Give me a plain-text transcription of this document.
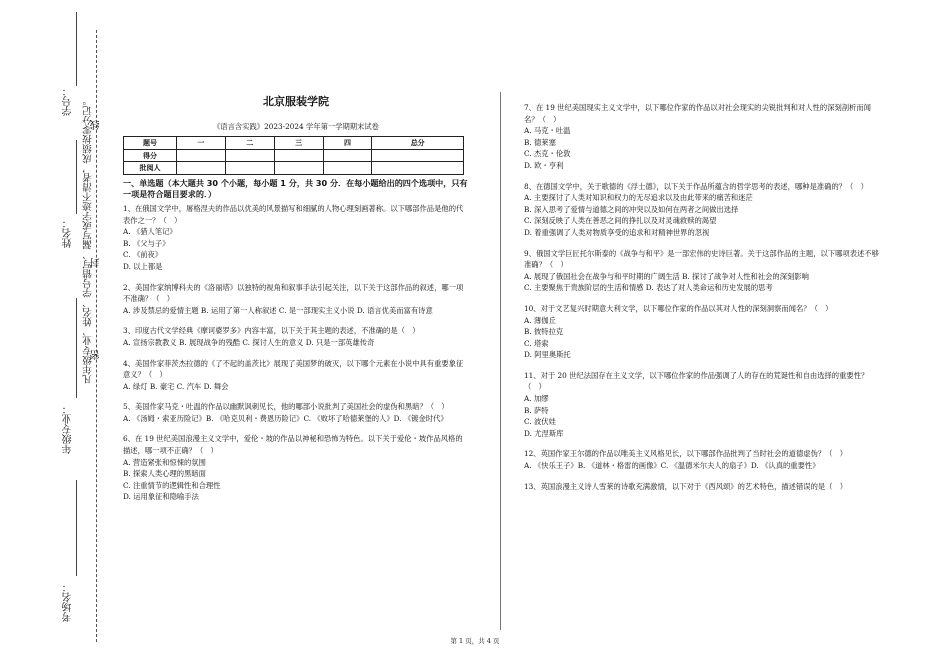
学号：
姓名：
年级专业：
考场名：
凡年级专业、姓名、学号错写、漏写或字迹不清者，成绩按零分记。
线
封
密
北京服装学院
《语言含实践》2023-2024 学年第一学期期末试卷
题号	一	二	三	四	总分
得分					
批阅人					
一、单选题（本大题共 30 个小题，每小题 1 分，共 30 分．在每小题给出的四个选项中，只有一项是符合题目要求的．）
1、在俄国文学中，屠格涅夫的作品以优美的风景描写和细腻的人物心理刻画著称。以下哪部作品是他的代表作之一？（　）
A. 《猎人笔记》
B. 《父与子》
C. 《前夜》
D. 以上都是
2、美国作家纳博科夫的《洛丽塔》以独特的视角和叙事手法引起关注，以下关于这部作品的叙述，哪一项不准确？（　）
A. 涉及禁忌的爱情主题 B. 运用了第一人称叙述 C. 是一部现实主义小说 D. 语言优美而富有诗意
3、印度古代文学经典《摩诃婆罗多》内容丰富，以下关于其主题的表述，不准确的是（　）
A. 宣扬宗教教义 B. 展现战争的残酷 C. 探讨人生的意义 D. 只是一部英雄传奇
4、美国作家菲茨杰拉德的《了不起的盖茨比》展现了美国梦的破灭，以下哪个元素在小说中具有重要象征意义？（　）
A. 绿灯 B. 豪宅 C. 汽车 D. 舞会
5、美国作家马克・吐温的作品以幽默讽刺见长，他的哪部小说批判了美国社会的虚伪和黑暗？（　）
A. 《汤姆・索亚历险记》B. 《哈克贝利・费恩历险记》C. 《败坏了哈德莱堡的人》D. 《镀金时代》
6、在 19 世纪美国浪漫主义文学中，爱伦・坡的作品以神秘和恐怖为特色。以下关于爱伦・坡作品风格的描述，哪一项不正确？（　）
A. 营造紧张和惊悚的氛围
B. 探索人类心理的黑暗面
C. 注重情节的逻辑性和合理性
D. 运用象征和隐喻手法
7、在 19 世纪美国现实主义文学中，以下哪位作家的作品以对社会现实的尖锐批判和对人性的深刻剖析而闻名？（　）
A. 马克・吐温
B. 德莱塞
C. 杰克・伦敦
D. 欧・亨利
8、在德国文学中，关于歌德的《浮士德》，以下关于作品所蕴含的哲学思考的表述，哪种是准确的？（　）
A. 主要探讨了人类对知识和权力的无尽追求以及由此带来的痛苦和迷茫
B. 深入思考了爱情与道德之间的冲突以及如何在两者之间做出选择
C. 深刻反映了人类在善恶之间的挣扎以及对灵魂救赎的渴望
D. 着重强调了人类对物质享受的追求和对精神世界的忽视
9、俄国文学巨匠托尔斯泰的《战争与和平》是一部宏伟的史诗巨著。关于这部作品的主题，以下哪项表述不够准确？（　）
A. 展现了俄国社会在战争与和平时期的广阔生活 B. 探讨了战争对人性和社会的深刻影响
C. 主要聚焦于贵族阶层的生活和情感 D. 表达了对人类命运和历史发展的思考
10、对于文艺复兴时期意大利文学，以下哪位作家的作品以其对人性的深刻洞察而闻名？（　）
A. 薄伽丘
B. 彼特拉克
C. 塔索
D. 阿里奥斯托
11、对于 20 世纪法国存在主义文学，以下哪位作家的作品强调了人的存在的荒诞性和自由选择的重要性？（　）
A. 加缪
B. 萨特
C. 波伏娃
D. 尤涅斯库
12、英国作家王尔德的作品以唯美主义风格见长，以下哪部作品批判了当时社会的道德虚伪？（　）
A. 《快乐王子》B. 《道林・格雷的画像》C. 《温德米尔夫人的扇子》D. 《认真的重要性》
13、英国浪漫主义诗人雪莱的诗歌充满激情，以下对于《西风颂》的艺术特色，描述错误的是（　）
第 1 页，共 4 页
